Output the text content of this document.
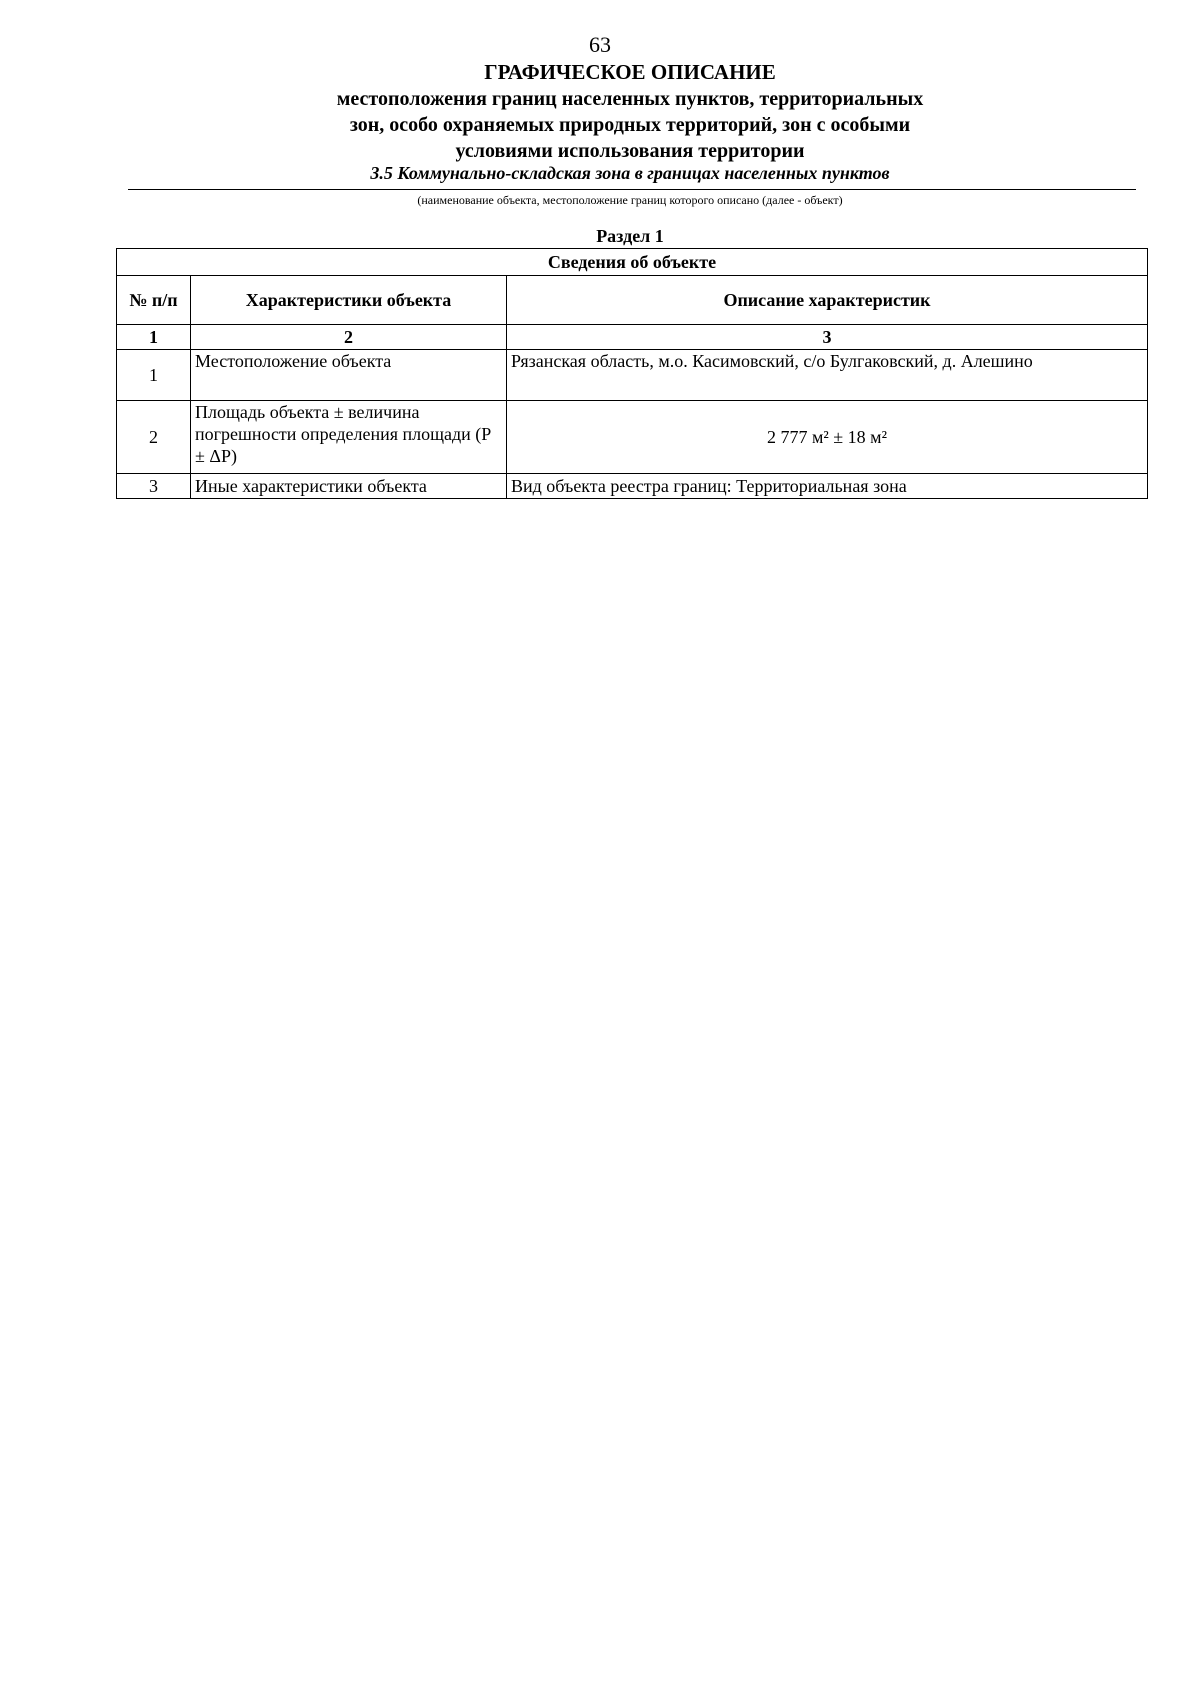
63
ГРАФИЧЕСКОЕ ОПИСАНИЕ
местоположения границ населенных пунктов, территориальных
зон, особо охраняемых природных территорий, зон с особыми
условиями использования территории
3.5 Коммунально-складская зона в границах населенных пунктов
(наименование объекта, местоположение границ которого описано (далее - объект)
Раздел 1
Сведения об объекте		
№ п/п	Характеристики объекта	Описание характеристик
1	2	3
1	Местоположение объекта	Рязанская область, м.о. Касимовский, с/о Булгаковский, д. Алешино
2	Площадь объекта ± величина погрешности определения площади (P ± ΔP)	2 777 м² ± 18 м²
3	Иные характеристики объекта	Вид объекта реестра границ: Территориальная зона
